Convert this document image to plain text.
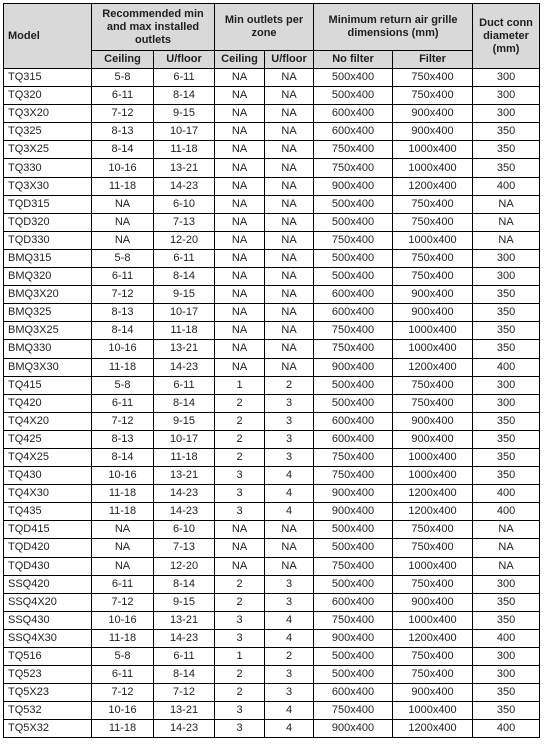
Model	Recommended min and max installed outlets		Min outlets per zone		Minimum return air grille dimensions (mm)		Duct conn diameter (mm)
	Ceiling	U/floor	Ceiling	U/floor	No filter	Filter	
TQ315	5-8	6-11	NA	NA	500x400	750x400	300
TQ320	6-11	8-14	NA	NA	500x400	750x400	300
TQ3X20	7-12	9-15	NA	NA	600x400	900x400	300
TQ325	8-13	10-17	NA	NA	600x400	900x400	350
TQ3X25	8-14	11-18	NA	NA	750x400	1000x400	350
TQ330	10-16	13-21	NA	NA	750x400	1000x400	350
TQ3X30	11-18	14-23	NA	NA	900x400	1200x400	400
TQD315	NA	6-10	NA	NA	500x400	750x400	NA
TQD320	NA	7-13	NA	NA	500x400	750x400	NA
TQD330	NA	12-20	NA	NA	750x400	1000x400	NA
BMQ315	5-8	6-11	NA	NA	500x400	750x400	300
BMQ320	6-11	8-14	NA	NA	500x400	750x400	300
BMQ3X20	7-12	9-15	NA	NA	600x400	900x400	350
BMQ325	8-13	10-17	NA	NA	600x400	900x400	350
BMQ3X25	8-14	11-18	NA	NA	750x400	1000x400	350
BMQ330	10-16	13-21	NA	NA	750x400	1000x400	350
BMQ3X30	11-18	14-23	NA	NA	900x400	1200x400	400
TQ415	5-8	6-11	1	2	500x400	750x400	300
TQ420	6-11	8-14	2	3	500x400	750x400	300
TQ4X20	7-12	9-15	2	3	600x400	900x400	350
TQ425	8-13	10-17	2	3	600x400	900x400	350
TQ4X25	8-14	11-18	2	3	750x400	1000x400	350
TQ430	10-16	13-21	3	4	750x400	1000x400	350
TQ4X30	11-18	14-23	3	4	900x400	1200x400	400
TQ435	11-18	14-23	3	4	900x400	1200x400	400
TQD415	NA	6-10	NA	NA	500x400	750x400	NA
TQD420	NA	7-13	NA	NA	500x400	750x400	NA
TQD430	NA	12-20	NA	NA	750x400	1000x400	NA
SSQ420	6-11	8-14	2	3	500x400	750x400	300
SSQ4X20	7-12	9-15	2	3	600x400	900x400	350
SSQ430	10-16	13-21	3	4	750x400	1000x400	350
SSQ4X30	11-18	14-23	3	4	900x400	1200x400	400
TQ516	5-8	6-11	1	2	500x400	750x400	300
TQ523	6-11	8-14	2	3	500x400	750x400	300
TQ5X23	7-12	7-12	2	3	600x400	900x400	350
TQ532	10-16	13-21	3	4	750x400	1000x400	350
TQ5X32	11-18	14-23	3	4	900x400	1200x400	400
